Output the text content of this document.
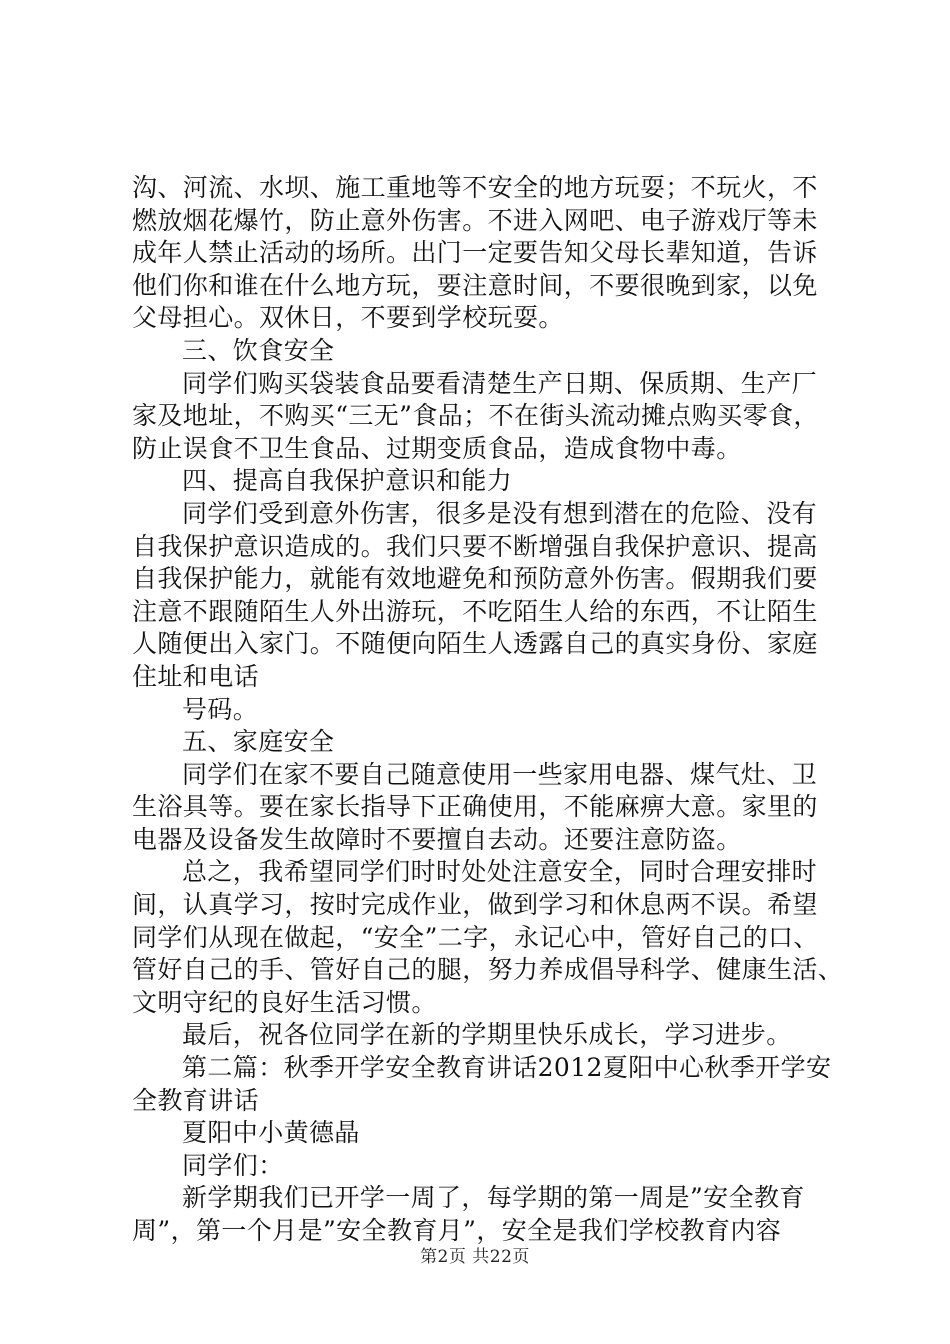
沟、河流、水坝、施工重地等不安全的地方玩耍；不玩火，不
燃放烟花爆竹，防止意外伤害。不进入网吧、电子游戏厅等未
成年人禁止活动的场所。出门一定要告知父母长辈知道，告诉
他们你和谁在什么地方玩，要注意时间，不要很晚到家，以免
父母担心。双休日，不要到学校玩耍。
三、饮食安全
同学们购买袋装食品要看清楚生产日期、保质期、生产厂
家及地址，不购买“三无”食品；不在街头流动摊点购买零食，
防止误食不卫生食品、过期变质食品，造成食物中毒。
四、提高自我保护意识和能力
同学们受到意外伤害，很多是没有想到潜在的危险、没有
自我保护意识造成的。我们只要不断增强自我保护意识、提高
自我保护能力，就能有效地避免和预防意外伤害。假期我们要
注意不跟随陌生人外出游玩，不吃陌生人给的东西，不让陌生
人随便出入家门。不随便向陌生人透露自己的真实身份、家庭
住址和电话
号码。
五、家庭安全
同学们在家不要自己随意使用一些家用电器、煤气灶、卫
生浴具等。要在家长指导下正确使用，不能麻痹大意。家里的
电器及设备发生故障时不要擅自去动。还要注意防盗。
总之，我希望同学们时时处处注意安全，同时合理安排时
间，认真学习，按时完成作业，做到学习和休息两不误。希望
同学们从现在做起，“安全”二字，永记心中，管好自己的口、
管好自己的手、管好自己的腿，努力养成倡导科学、健康生活、
文明守纪的良好生活习惯。
最后，祝各位同学在新的学期里快乐成长，学习进步。
第二篇：秋季开学安全教育讲话2012夏阳中心秋季开学安
全教育讲话
夏阳中小黄德晶
同学们：
新学期我们已开学一周了，每学期的第一周是”安全教育
周”，第一个月是”安全教育月”，安全是我们学校教育内容
第2页 共22页
